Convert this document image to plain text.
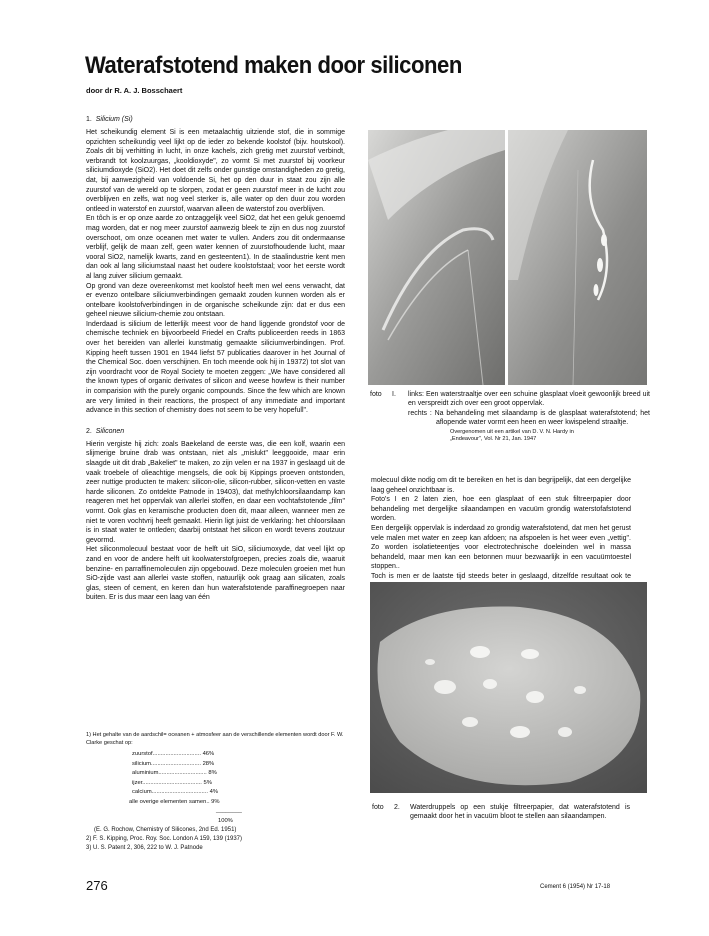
Waterafstotend maken door siliconen
door dr R. A. J. Bosschaert
1. Silicium (Si)
Het scheikundig element Si is een metaalachtig uitziende stof, die in sommige opzichten scheikundig veel lijkt op de ieder zo bekende koolstof (bijv. houtskool). Zoals dit bij verhitting in lucht, in onze kachels, zich gretig met zuurstof verbindt, verbrandt tot koolzuurgas, „kooldioxyde", zo vormt Si met zuurstof bij voorkeur siliciumdioxyde (SiO2). Het doet dit zelfs onder gunstige omstandigheden zo gretig, dat, bij aanwezigheid van voldoende Si, het op den duur in staat zou zijn alle zuurstof van de wereld op te slorpen, zodat er geen zuurstof meer in de lucht zou overblijven en zelfs, wat nog veel sterker is, alle water op den duur zou worden ontleed in waterstof en zuurstof, waarvan alleen de waterstof zou overblijven.
En tôch is er op onze aarde zo ontzaggelijk veel SiO2, dat het een geluk genoemd mag worden, dat er nog meer zuurstof aanwezig bleek te zijn en dus nog zuurstof overschoot, om onze oceanen met water te vullen. Anders zou dit ondermaanse verblijf, gelijk de maan zelf, geen water kennen of zuurstofhoudende lucht, maar vooral SiO2, namelijk kwarts, zand en gesteenten1). In de staalindustrie kent men dan ook al lang siliciumstaal naast het oudere koolstofstaal; voor het eerste wordt al lang zuiver silicium gemaakt.
Op grond van deze overeenkomst met koolstof heeft men wel eens verwacht, dat er evenzo ontelbare siliciumverbindingen gemaakt zouden kunnen worden als er ontelbare koolstofverbindingen in de organische scheikunde zijn: dat er dus een geheel nieuwe silicium-chemie zou ontstaan.
Inderdaad is silicium de letterlijk meest voor de hand liggende grondstof voor de chemische techniek en bijvoorbeeld Friedel en Crafts publiceerden reeds in 1863 over het bereiden van allerlei kunstmatig gemaakte siliciumverbindingen. Prof. Kipping heeft tussen 1901 en 1944 liefst 57 publicaties daarover in het Journal of the Chemical Soc. doen verschijnen. En toch meende ook hij in 19372) tot slot van zijn voordracht voor de Royal Society te moeten zeggen: „We have considered all the known types of organic derivates of silicon and weese howfew is their number in comparision with the purely organic compounds. Since the few which are known are very limited in their reactions, the prospect of any immediate and important advance in this section of chemistry does not seem to be very hopefull".
2. Siliconen
Hierin vergiste hij zich: zoals Baekeland de eerste was, die een kolf, waarin een slijmerige bruine drab was ontstaan, niet als „mislukt" leeggooide, maar erin slaagde uit dit drab „Bakeliet" te maken, zo zijn velen er na 1937 in geslaagd uit de vaak troebele of olieachtige mengsels, die ook bij Kippings proeven ontstonden, zeer nuttige producten te maken: silicon-olie, silicon-rubber, silicon-vetten en vaste harde siliconen. Zo ontdekte Patnode in 19403), dat methylchloorsilaandamp kan reageren met het oppervlak van allerlei stoffen, en daar een vochtafstotende „film" vormt. Ook glas en keramische producten doen dit, maar alleen, wanneer men ze niet te voren vochtvrij heeft gemaakt. Hierin ligt juist de verklaring: het chloorsilaan is in staat water te ontleden; daarbij ontstaat het silicon en wordt tevens zoutzuur gevormd.
Het siliconmolecuul bestaat voor de helft uit SiO, siliciumoxyde, dat veel lijkt op zand en voor de andere helft uit koolwaterstofgroepen, precies zoals die, waaruit benzine- en parraffinemoleculen zijn opgebouwd. Deze moleculen groeien met hun SiO-zijde vast aan allerlei vaste stoffen, natuurlijk ook graag aan silicaten, zoals glas, steen of cement, en keren dan hun waterafstotende paraffinegroepen naar buiten. Er is dus maar een laag van één
1) Het gehalte van de aardschil= oceanen + atmosfeer aan de verschillende elementen wordt door F. W. Clarke geschat op:
zuurstof.............................. 46%
silicium............................... 28%
aluminium.............................. 8%
ijzer..................................... 5%
calcium................................... 4%
alle overige elementen samen.. 9%
________
100%
(E. G. Rochow, Chemistry of Silicones, 2nd Ed. 1951)
2) F. S. Kipping, Proc. Roy. Soc. London A 159, 139 (1937)
3) U. S. Patent 2, 306, 222 to W. J. Patnode
foto	I.	links: Een waterstraaltje over een schuine glasplaat vloeit gewoonlijk breed uit en verspreidt zich over een groot oppervlak.
rechts : Na behandeling met silaandamp is de glasplaat waterafstotend; het aflopende water vormt een heen en weer kwispelend straaltje.
Overgenomen uit een artikel van D. V. N. Hardy in
„Endeavour", Vol. Nr 21, Jan. 1947
molecuul dikte nodig om dit te bereiken en het is dan begrijpelijk, dat een dergelijke laag geheel onzichtbaar is.
Foto's I en 2 laten zien, hoe een glasplaat of een stuk filtreerpapier door behandeling met dergelijke silaandampen en vacuüm grondig waterstofafstotend worden.
Een dergelijk oppervlak is inderdaad zo grondig waterafstotend, dat men het gerust vele malen met water en zeep kan afdoen; na afspoelen is het weer even „vettig". Zo worden isolatieteentjes voor electrotechnische doeleinden wel in massa behandeld, maar men kan een betonnen muur bezwaarlijk in een vacuümtoestel stoppen..
Toch is men er de laatste tijd steeds beter in geslaagd, ditzelfde resultaat ook te
foto	2.	Waterdruppels op een stukje filtreerpapier, dat waterafstotend is gemaakt door het in vacuüm bloot te stellen aan silaandampen.
276	Cement 6 (1954) Nr 17-18
